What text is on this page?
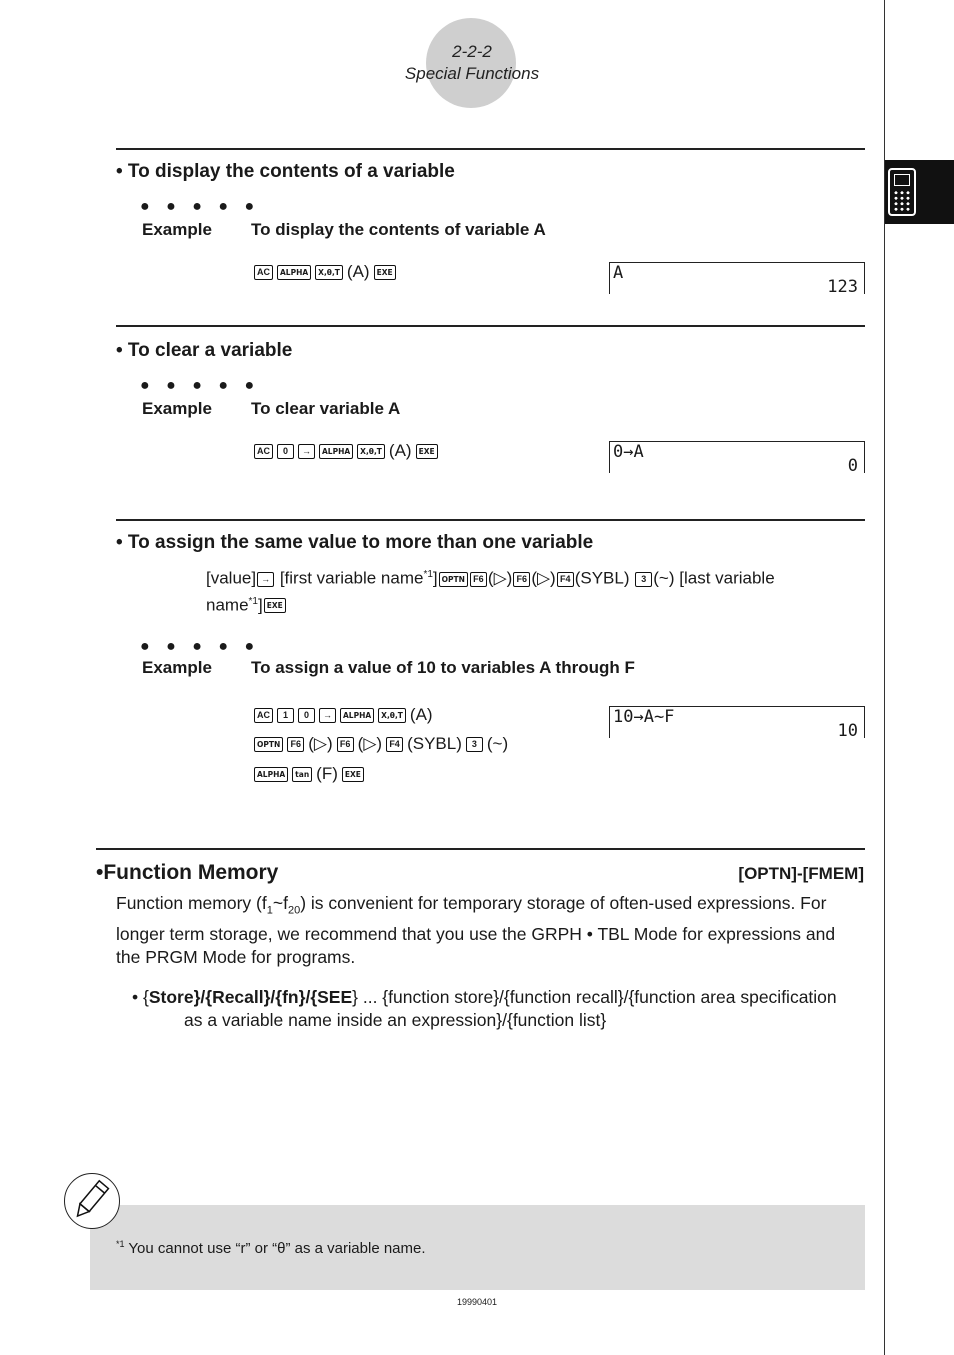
2-2-2
Special Functions
• To display the contents of a variable
● ● ● ● ●
Example To display the contents of variable A
AC	ALPHA	X,θ,T (A) EXE	A
123
• To clear a variable
● ● ● ● ●
Example To clear variable A
AC	0	→	ALPHA	X,θ,T (A) EXE	0→A
0
• To assign the same value to more than one variable
[value] → [first variable name$^{*1}$] OPTN F6 (▷) F6 (▷) F4 (SYBL) 3 (~) [last variable
name$^{*1}$] EXE
● ● ● ● ●
Example To assign a value of 10 to variables A through F
AC	1	0	→	ALPHA	X,θ,T (A)
OPTN	F6 (▷) F6 (▷) F4 (SYBL)	3 (~)
ALPHA	tan (F) EXE
10→A~F
10
•Function Memory	[OPTN]-[FMEM]
Function memory $(f_1\sim f_{20})$ is convenient for temporary storage of often-used expressions. For
longer term storage, we recommend that you use the GRPH • TBL Mode for expressions and
the PRGM Mode for programs.
• {Store}/{Recall}/{fn}/{SEE} ... {function store}/{function recall}/{function area specification
as a variable name inside an expression}/{function list}
$^{*1}$ You cannot use “r” or “θ” as a variable name.
19990401
